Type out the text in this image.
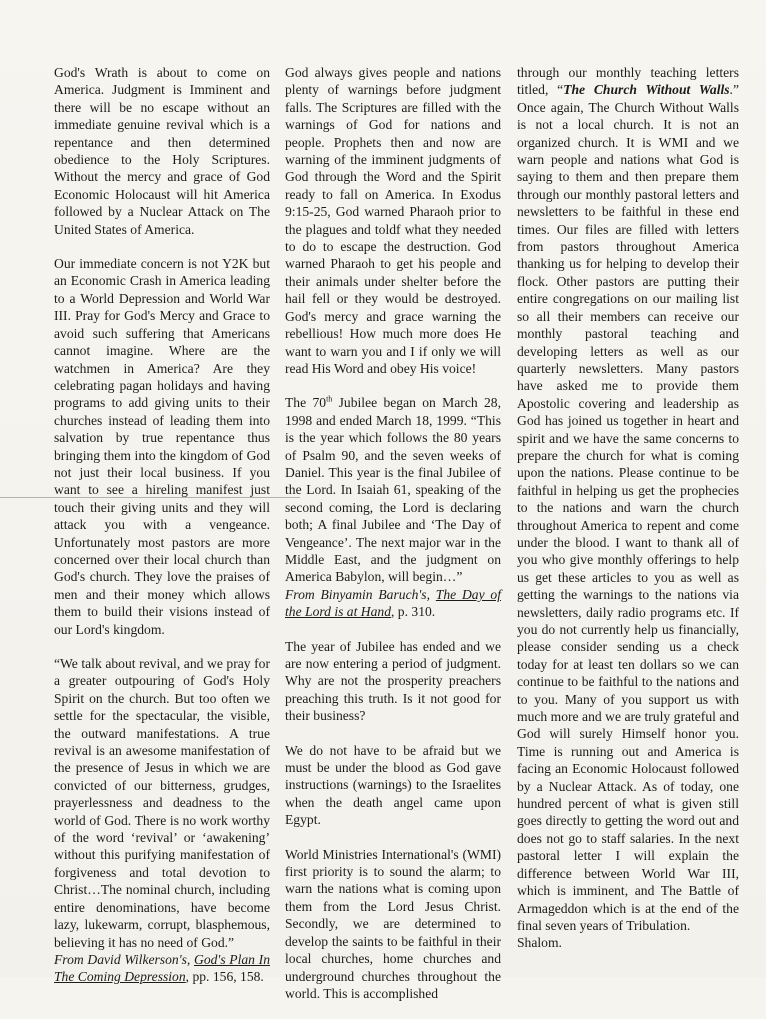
God's Wrath is about to come on America. Judgment is Imminent and there will be no escape without an immediate genuine revival which is a repentance and then determined obedience to the Holy Scriptures. Without the mercy and grace of God Economic Holocaust will hit America followed by a Nuclear Attack on The United States of America.

Our immediate concern is not Y2K but an Economic Crash in America leading to a World Depression and World War III. Pray for God's Mercy and Grace to avoid such suffering that Americans cannot imagine. Where are the watchmen in America? Are they celebrating pagan holidays and having programs to add giving units to their churches instead of leading them into salvation by true repentance thus bringing them into the kingdom of God not just their local business. If you want to see a hireling manifest just touch their giving units and they will attack you with a vengeance. Unfortunately most pastors are more concerned over their local church than God's church. They love the praises of men and their money which allows them to build their visions instead of our Lord's kingdom.

“We talk about revival, and we pray for a greater outpouring of God's Holy Spirit on the church. But too often we settle for the spectacular, the visible, the outward manifestations. A true revival is an awesome manifestation of the presence of Jesus in which we are convicted of our bitterness, grudges, prayerlessness and deadness to the world of God. There is no work worthy of the word ‘revival’ or ‘awakening’ without this purifying manifestation of forgiveness and total devotion to Christ…The nominal church, including entire denominations, have become lazy, lukewarm, corrupt, blasphemous, believing it has no need of God.”

From David Wilkerson's, God's Plan In The Coming Depression, pp. 156, 158.

God always gives people and nations plenty of warnings before judgment falls. The Scriptures are filled with the warnings of God for nations and people. Prophets then and now are warning of the imminent judgments of God through the Word and the Spirit ready to fall on America. In Exodus 9:15-25, God warned Pharaoh prior to the plagues and toldf what they needed to do to escape the destruction. God warned Pharaoh to get his people and their animals under shelter before the hail fell or they would be destroyed. God's mercy and grace warning the rebellious! How much more does He want to warn you and I if only we will read His Word and obey His voice!

The 70th Jubilee began on March 28, 1998 and ended March 18, 1999. “This is the year which follows the 80 years of Psalm 90, and the seven weeks of Daniel. This year is the final Jubilee of the Lord. In Isaiah 61, speaking of the second coming, the Lord is declaring both; A final Jubilee and ‘The Day of Vengeance’. The next major war in the Middle East, and the judgment on America Babylon, will begin…”

From Binyamin Baruch's, The Day of the Lord is at Hand, p. 310.

The year of Jubilee has ended and we are now entering a period of judgment. Why are not the prosperity preachers preaching this truth. Is it not good for their business?

We do not have to be afraid but we must be under the blood as God gave instructions (warnings) to the Israelites when the death angel came upon Egypt.

World Ministries International's (WMI) first priority is to sound the alarm; to warn the nations what is coming upon them from the Lord Jesus Christ. Secondly, we are determined to develop the saints to be faithful in their local churches, home churches and underground churches throughout the world. This is accomplished

through our monthly teaching letters titled, “The Church Without Walls.” Once again, The Church Without Walls is not a local church. It is not an organized church. It is WMI and we warn people and nations what God is saying to them and then prepare them through our monthly pastoral letters and newsletters to be faithful in these end times. Our files are filled with letters from pastors throughout America thanking us for helping to develop their flock. Other pastors are putting their entire congregations on our mailing list so all their members can receive our monthly pastoral teaching and developing letters as well as our quarterly newsletters. Many pastors have asked me to provide them Apostolic covering and leadership as God has joined us together in heart and spirit and we have the same concerns to prepare the church for what is coming upon the nations. Please continue to be faithful in helping us get the prophecies to the nations and warn the church throughout America to repent and come under the blood. I want to thank all of you who give monthly offerings to help us get these articles to you as well as getting the warnings to the nations via newsletters, daily radio programs etc. If you do not currently help us financially, please consider sending us a check today for at least ten dollars so we can continue to be faithful to the nations and to you. Many of you support us with much more and we are truly grateful and God will surely Himself honor you. Time is running out and America is facing an Economic Holocaust followed by a Nuclear Attack. As of today, one hundred percent of what is given still goes directly to getting the word out and does not go to staff salaries. In the next pastoral letter I will explain the difference between World War III, which is imminent, and The Battle of Armageddon which is at the end of the final seven years of Tribulation.

Shalom.
